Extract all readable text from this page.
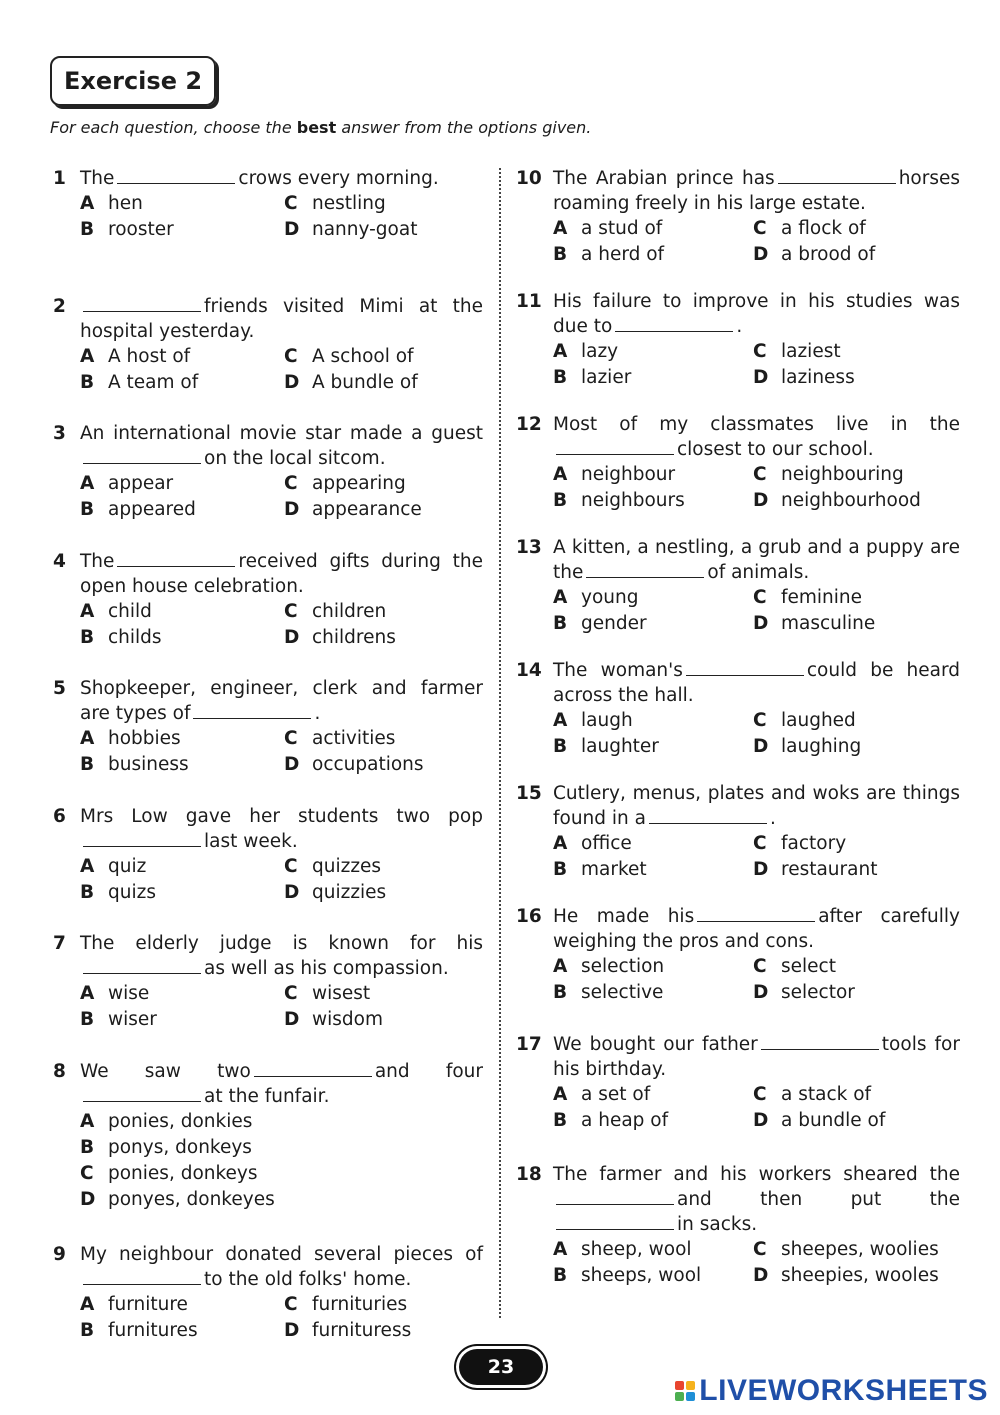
Exercise 2
For each question, choose the best answer from the options given.
1 The	crows every morning.
A hen	C nestling
B rooster	D nanny-goat
2	friends visited Mimi at the hospital yesterday.
A A host of	C A school of
B A team of	D A bundle of
3 An international movie star made a gueston the local sitcom.
A appear	C appearing
B appeared	D appearance
4 The	received gifts during the open house celebration.
A child	C children
B childs	D childrens
5 Shopkeeper, engineer, clerk and farmer are types of	.
A hobbies	C activities
B business	D occupations
6 Mrs Low gave her students two poplast week.
A quiz	C quizzes
B quizs	D quizzies
7 The elderly judge is known for hisas well as his compassion.
A wise	C wisest
B wiser	D wisdom
8 We saw two	and four at the funfair.
A ponies, donkies
B ponys, donkeys
C ponies, donkeys
D ponyes, donkeyes
9 My neighbour donated several pieces ofto the old folks' home.
A furniture	C furnituries
B furnitures	D furnituress
10 The Arabian prince has	horses roaming freely in his large estate.
A a stud of	C a flock of
B a herd of	D a brood of
11 His failure to improve in his studies was due to	.
A lazy	C laziest
B lazier	D laziness
12 Most of my classmates live in theclosest to our school.
A neighbour	C neighbouring
B neighbours	D neighbourhood
13 A kitten, a nestling, a grub and a puppy are the	of animals.
A young	C feminine
B gender	D masculine
14 The woman's	could be heard across the hall.
A laugh	C laughed
B laughter	D laughing
15 Cutlery, menus, plates and woks are things found in a	.
A office	C factory
B market	D restaurant
16 He made his	after carefully weighing the pros and cons.
A selection	C select
B selective	D selector
17 We bought our father	tools for his birthday.
A a set of	C a stack of
B a heap of	D a bundle of
18 The farmer and his workers sheared theand then put the in sacks.
A sheep, wool	C sheepes, woolies
B sheeps, wool	D sheepies, wooles
23
LIVEWORKSHEETS
